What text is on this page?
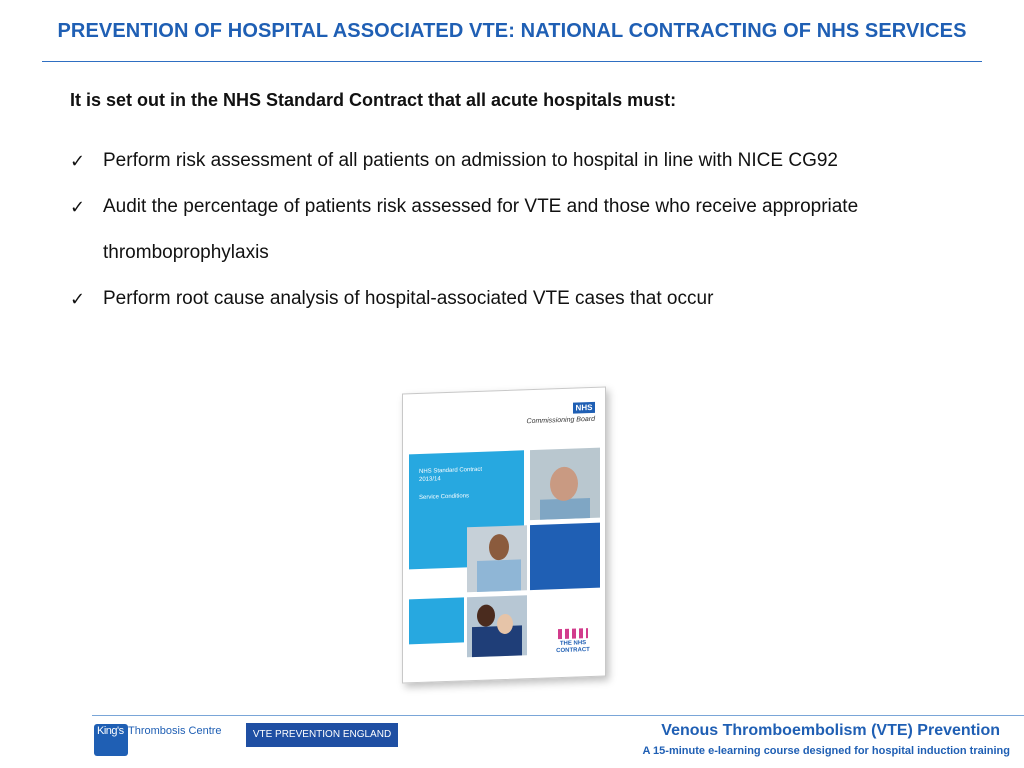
PREVENTION OF HOSPITAL ASSOCIATED VTE: NATIONAL CONTRACTING OF NHS SERVICES
It is set out in the NHS Standard Contract that all acute hospitals must:
✓ Perform risk assessment of all patients on admission to hospital in line with NICE CG92
✓ Audit the percentage of patients risk assessed for VTE and those who receive appropriate thromboprophylaxis
✓ Perform root cause analysis of hospital-associated VTE cases that occur
NHS
Commissioning Board
NHS Standard Contract
2013/14
Service Conditions
THE NHS CONTRACT
King's Thrombosis Centre	VTE PREVENTION ENGLAND	Venous Thromboembolism (VTE) Prevention
A 15-minute e-learning course designed for hospital induction training
